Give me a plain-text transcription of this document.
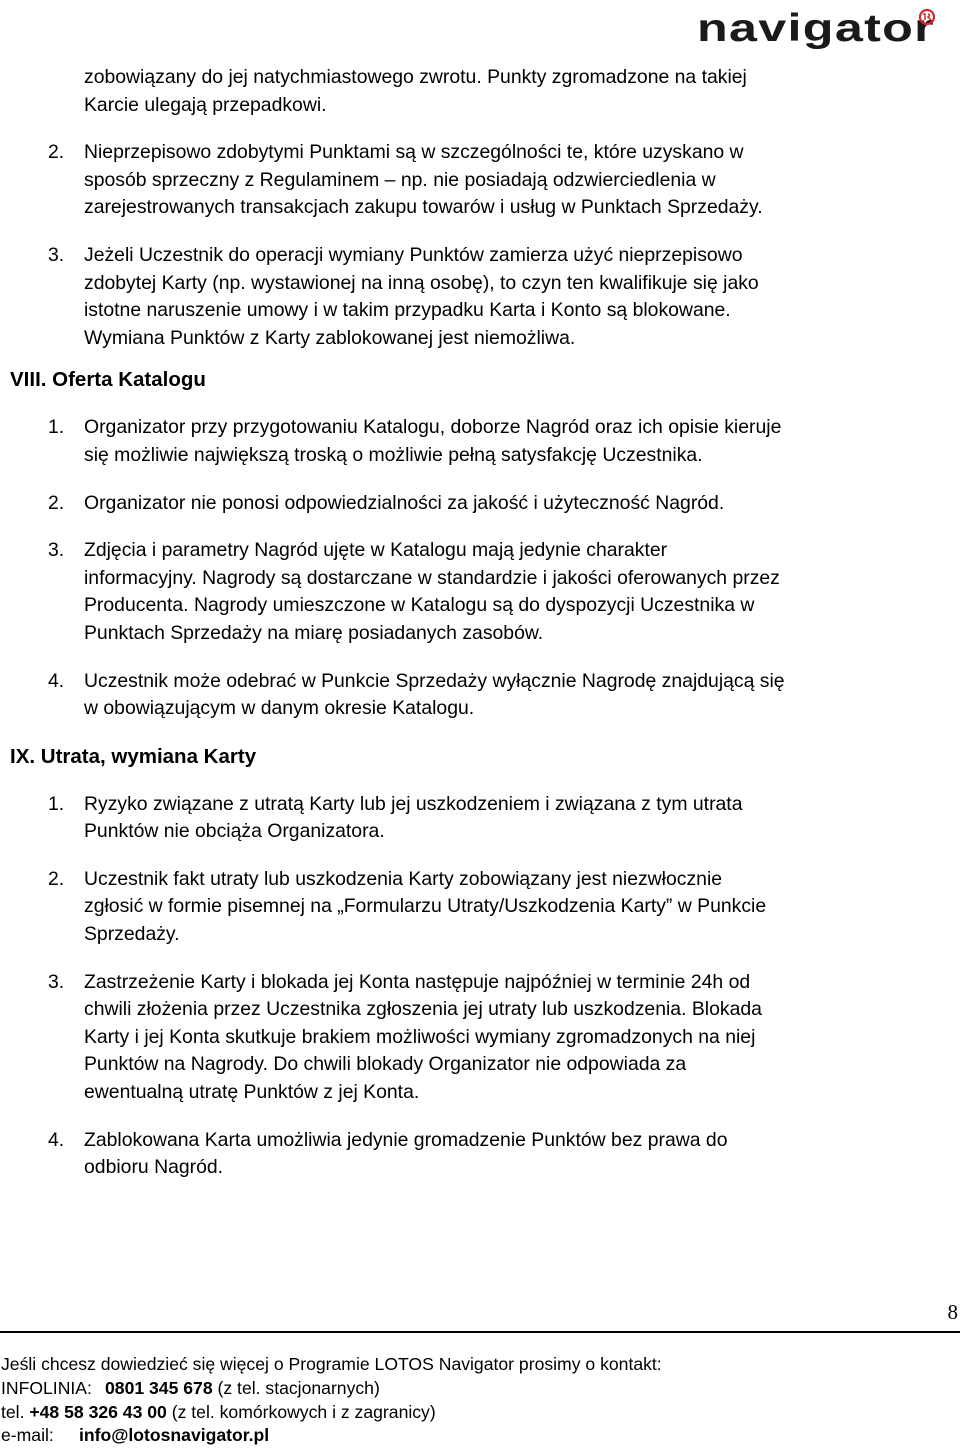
navigator
zobowiązany do jej natychmiastowego zwrotu. Punkty zgromadzone na takiej
Karcie ulegają przepadkowi.
2.	Nieprzepisowo zdobytymi Punktami są w szczególności te, które uzyskano w
sposób sprzeczny z Regulaminem – np. nie posiadają odzwierciedlenia w
zarejestrowanych transakcjach zakupu towarów i usług w Punktach Sprzedaży.
3.	Jeżeli Uczestnik do operacji wymiany Punktów zamierza użyć nieprzepisowo
zdobytej Karty (np. wystawionej na inną osobę), to czyn ten kwalifikuje się jako
istotne naruszenie umowy i w takim przypadku Karta i Konto są blokowane.
Wymiana Punktów z Karty zablokowanej jest niemożliwa.
VIII. Oferta Katalogu
1.	Organizator przy przygotowaniu Katalogu, doborze Nagród oraz ich opisie kieruje
się możliwie największą troską o możliwie pełną satysfakcję Uczestnika.
2.	Organizator nie ponosi odpowiedzialności za jakość i użyteczność Nagród.
3.	Zdjęcia i parametry Nagród ujęte w Katalogu mają jedynie charakter
informacyjny. Nagrody są dostarczane w standardzie i jakości oferowanych przez
Producenta. Nagrody umieszczone w Katalogu są do dyspozycji Uczestnika w
Punktach Sprzedaży na miarę posiadanych zasobów.
4.	Uczestnik może odebrać w Punkcie Sprzedaży wyłącznie Nagrodę znajdującą się
w obowiązującym w danym okresie Katalogu.
IX. Utrata, wymiana Karty
1.	Ryzyko związane z utratą Karty lub jej uszkodzeniem i związana z tym utrata
Punktów nie obciąża Organizatora.
2.	Uczestnik fakt utraty lub uszkodzenia Karty zobowiązany jest niezwłocznie
zgłosić w formie pisemnej na „Formularzu Utraty/Uszkodzenia Karty” w Punkcie
Sprzedaży.
3.	Zastrzeżenie Karty i blokada jej Konta następuje najpóźniej w terminie 24h od
chwili złożenia przez Uczestnika zgłoszenia jej utraty lub uszkodzenia. Blokada
Karty i jej Konta skutkuje brakiem możliwości wymiany zgromadzonych na niej
Punktów na Nagrody. Do chwili blokady Organizator nie odpowiada za
ewentualną utratę Punktów z jej Konta.
4.	Zablokowana Karta umożliwia jedynie gromadzenie Punktów bez prawa do
odbioru Nagród.
8
Jeśli chcesz dowiedzieć się więcej o Programie LOTOS Navigator prosimy o kontakt:
INFOLINIA: 0801 345 678 (z tel. stacjonarnych)
tel. +48 58 326 43 00 (z tel. komórkowych i z zagranicy)
e-mail: info@lotosnavigator.pl
